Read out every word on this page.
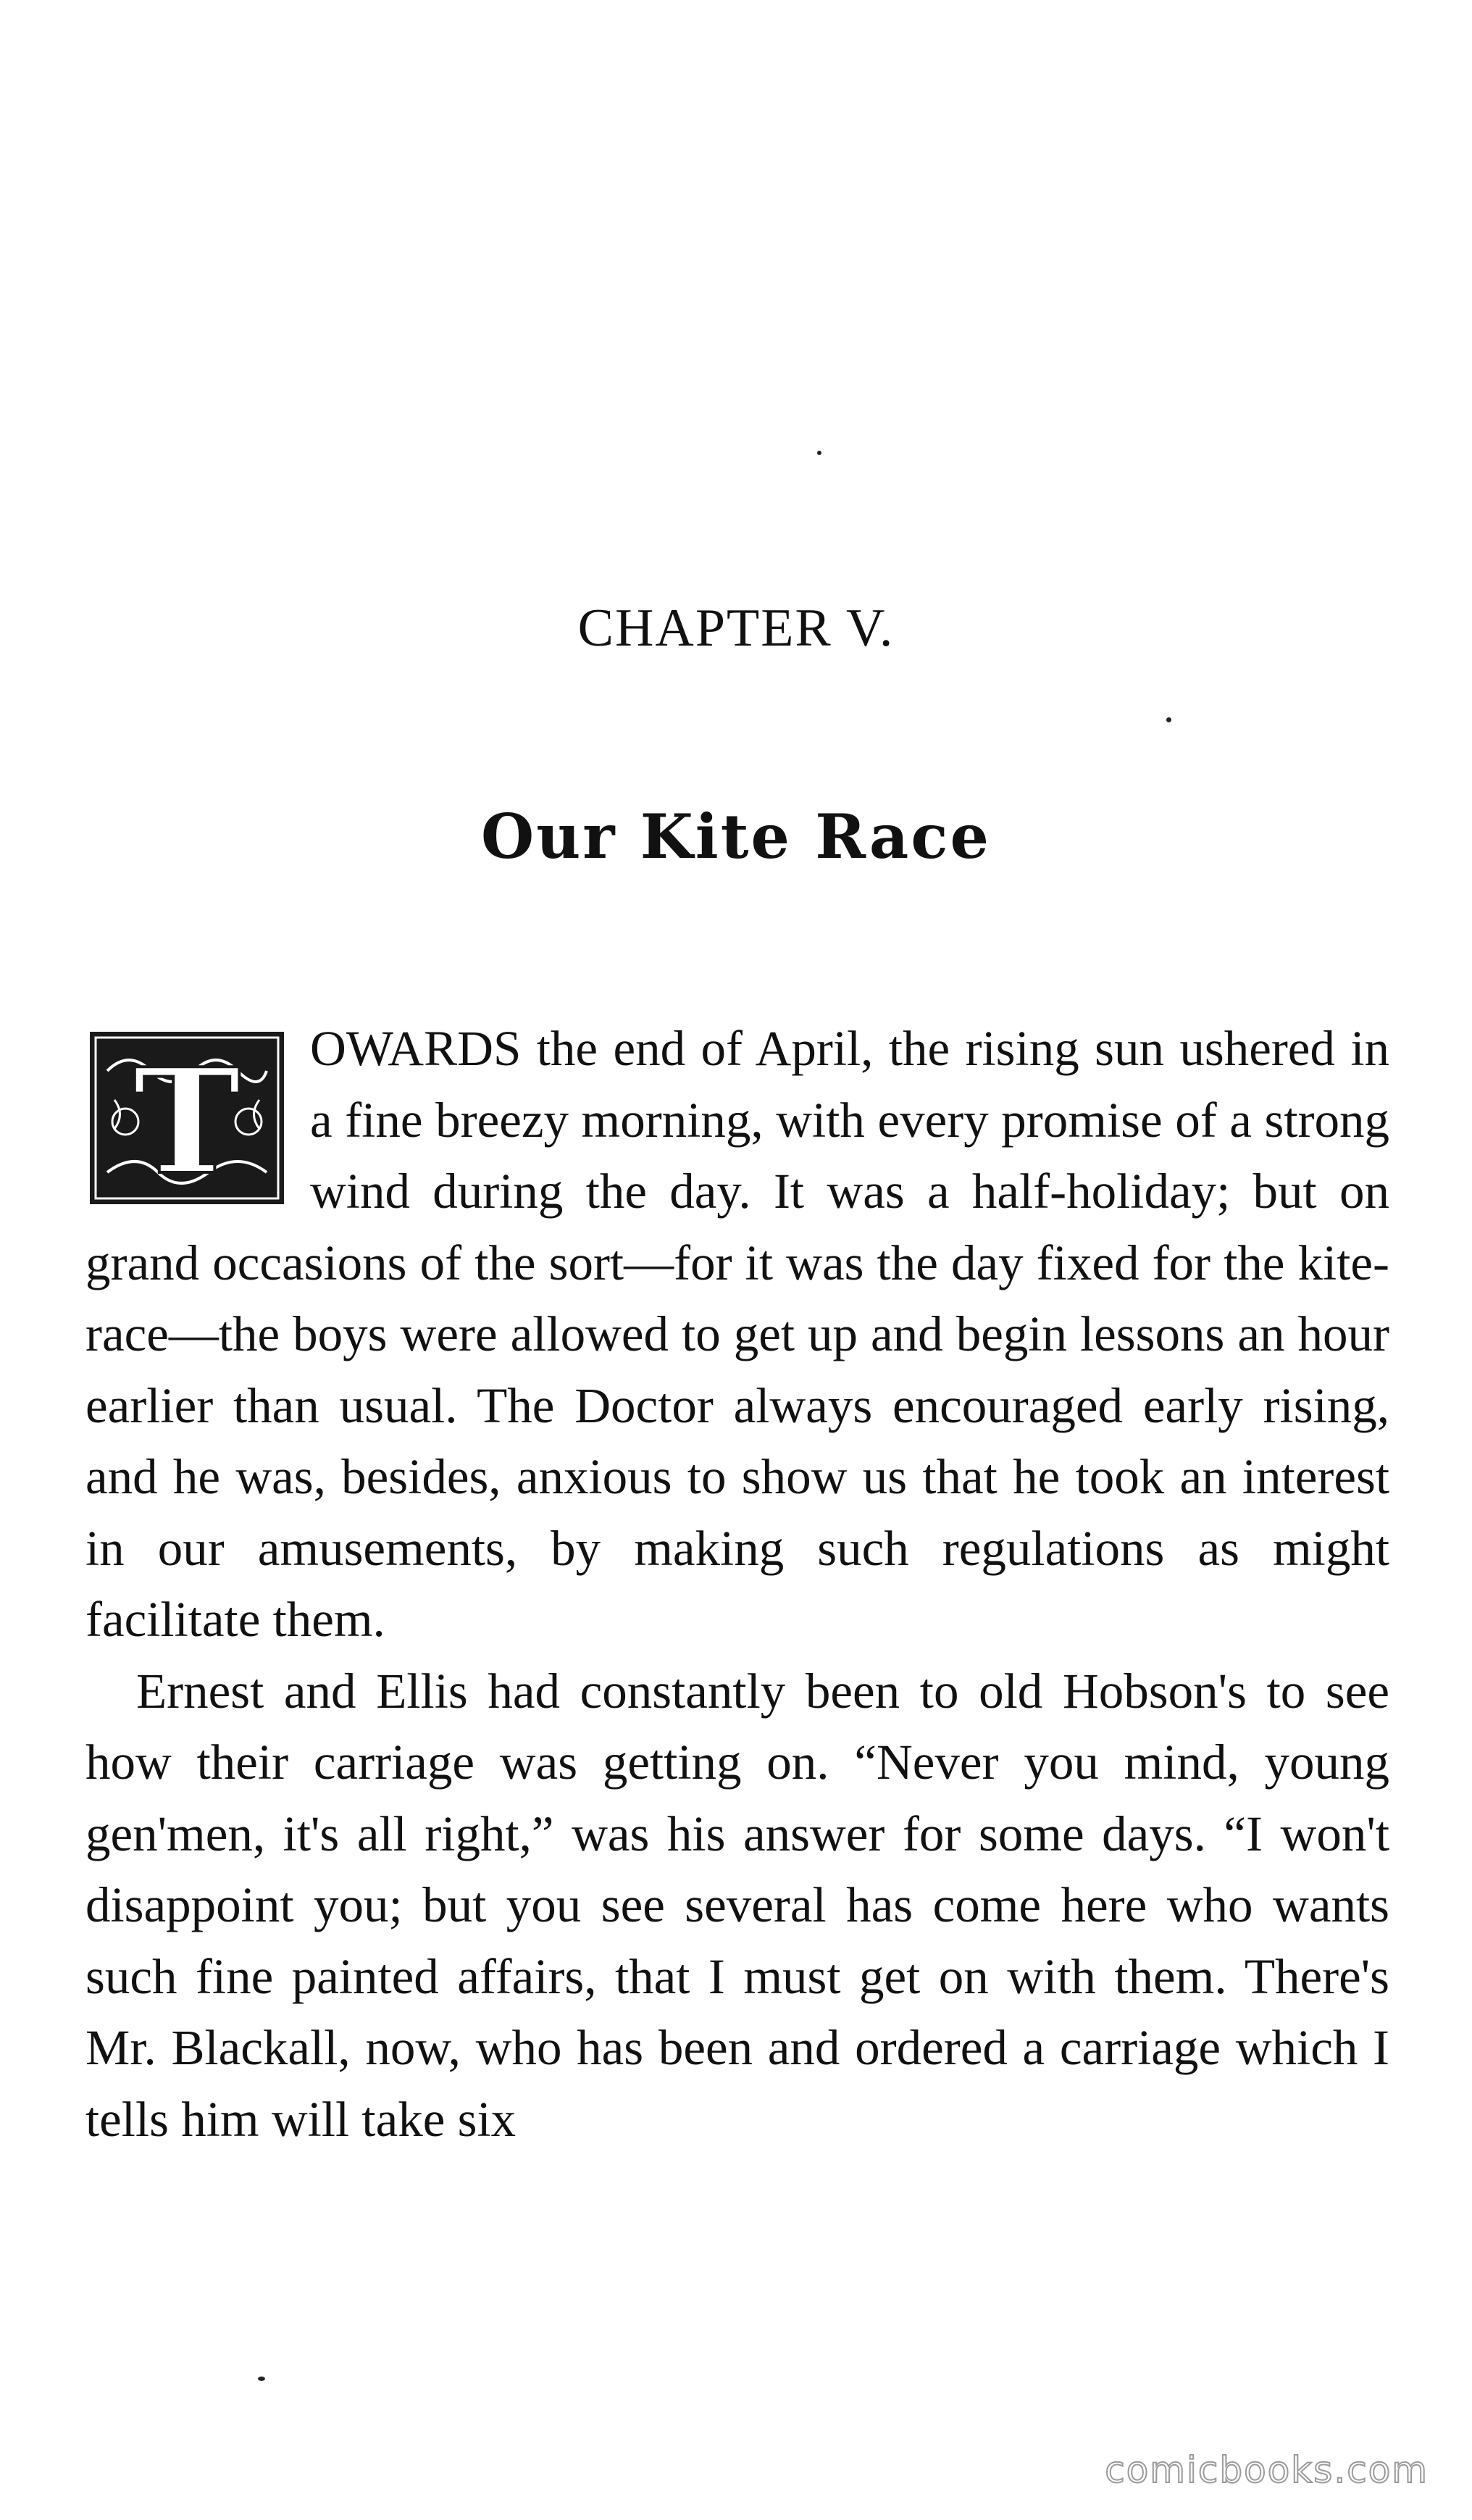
CHAPTER V.
Our Kite Race

T OWARDS the end of April, the rising sun ushered in a fine breezy morning, with every promise of a strong wind during the day. It was a half-holiday; but on grand occasions of the sort—for it was the day fixed for the kite-race—the boys were allowed to get up and begin lessons an hour earlier than usual. The Doctor always encouraged early rising, and he was, besides, anxious to show us that he took an interest in our amusements, by making such regulations as might facilitate them.

Ernest and Ellis had constantly been to old Hobson's to see how their carriage was getting on. “Never you mind, young gen'men, it's all right,” was his answer for some days. “I won't disappoint you; but you see several has come here who wants such fine painted affairs, that I must get on with them. There's Mr. Blackall, now, who has been and ordered a carriage which I tells him will take six

comicbooks.com
